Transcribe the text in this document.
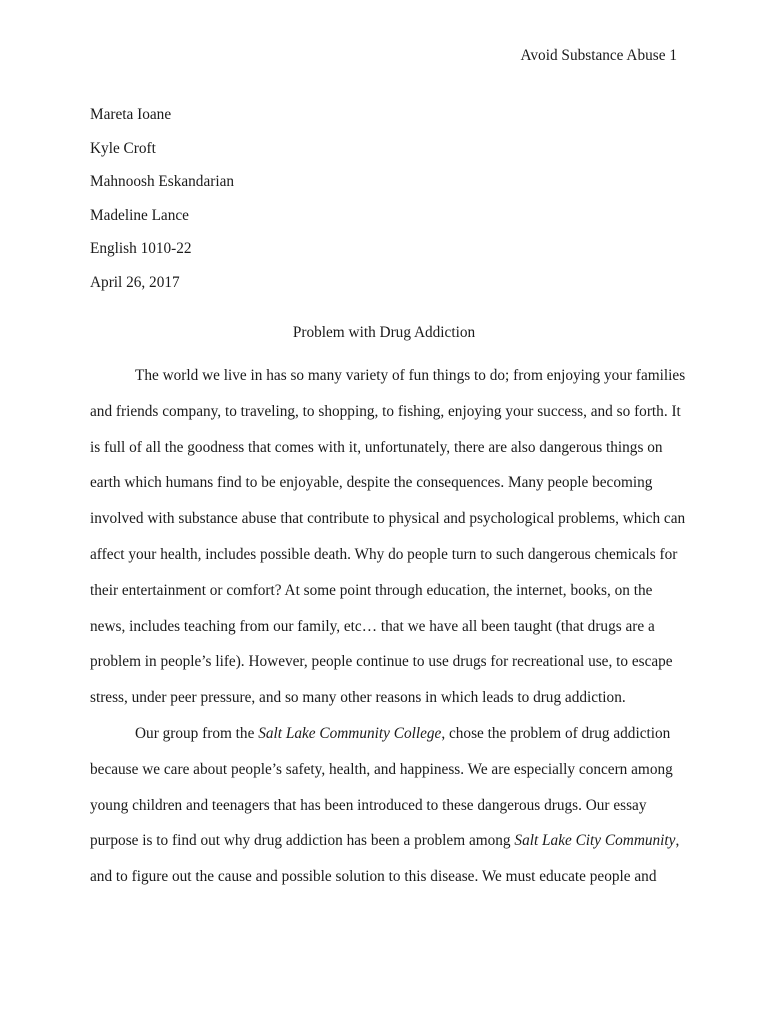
Avoid Substance Abuse 1
Mareta Ioane
Kyle Croft
Mahnoosh Eskandarian
Madeline Lance
English 1010-22
April 26, 2017
Problem with Drug Addiction

The world we live in has so many variety of fun things to do; from enjoying your families
and friends company, to traveling, to shopping, to fishing, enjoying your success, and so forth. It
is full of all the goodness that comes with it, unfortunately, there are also dangerous things on
earth which humans find to be enjoyable, despite the consequences. Many people becoming
involved with substance abuse that contribute to physical and psychological problems, which can
affect your health, includes possible death. Why do people turn to such dangerous chemicals for
their entertainment or comfort? At some point through education, the internet, books, on the
news, includes teaching from our family, etc… that we have all been taught (that drugs are a
problem in people’s life). However, people continue to use drugs for recreational use, to escape
stress, under peer pressure, and so many other reasons in which leads to drug addiction.

Our group from the Salt Lake Community College, chose the problem of drug addiction
because we care about people’s safety, health, and happiness. We are especially concern among
young children and teenagers that has been introduced to these dangerous drugs. Our essay
purpose is to find out why drug addiction has been a problem among Salt Lake City Community,
and to figure out the cause and possible solution to this disease. We must educate people and
